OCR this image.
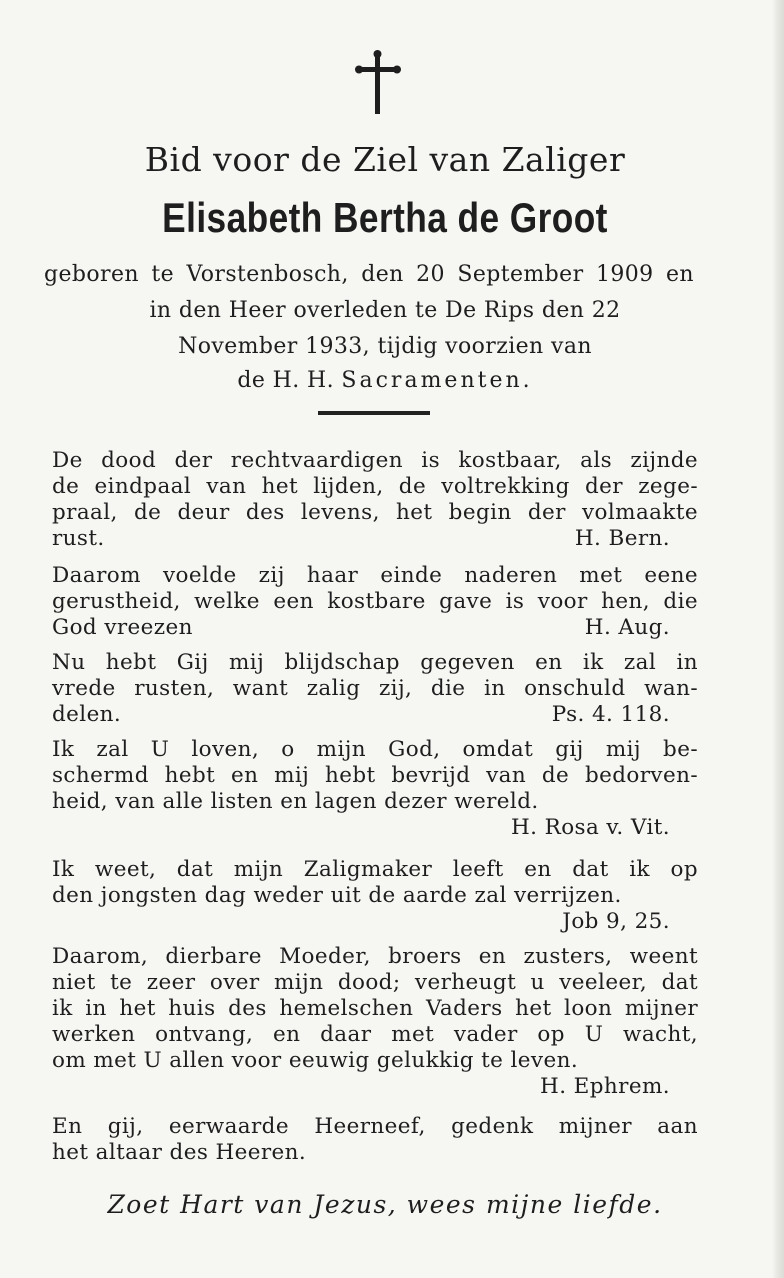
Bid voor de Ziel van Zaliger
Elisabeth Bertha de Groot
geboren te Vorstenbosch, den 20 September 1909 en
in den Heer overleden te De Rips den 22
November 1933, tijdig voorzien van
de H. H. Sacramenten.
De dood der rechtvaardigen is kostbaar, als zijnde
de eindpaal van het lijden, de voltrekking der zege-
praal, de deur des levens, het begin der volmaakte
rust.	H. Bern.
Daarom voelde zij haar einde naderen met eene
gerustheid, welke een kostbare gave is voor hen, die
God vreezen	H. Aug.
Nu hebt Gij mij blijdschap gegeven en ik zal in
vrede rusten, want zalig zij, die in onschuld wan-
delen.	Ps. 4. 118.
Ik zal U loven, o mijn God, omdat gij mij be-
schermd hebt en mij hebt bevrijd van de bedorven-
heid, van alle listen en lagen dezer wereld.
H. Rosa v. Vit.
Ik weet, dat mijn Zaligmaker leeft en dat ik op
den jongsten dag weder uit de aarde zal verrijzen.
Job 9, 25.
Daarom, dierbare Moeder, broers en zusters, weent
niet te zeer over mijn dood; verheugt u veeleer, dat
ik in het huis des hemelschen Vaders het loon mijner
werken ontvang, en daar met vader op U wacht,
om met U allen voor eeuwig gelukkig te leven.
H. Ephrem.
En gij, eerwaarde Heerneef, gedenk mijner aan
het altaar des Heeren.
Zoet Hart van Jezus, wees mijne liefde.
